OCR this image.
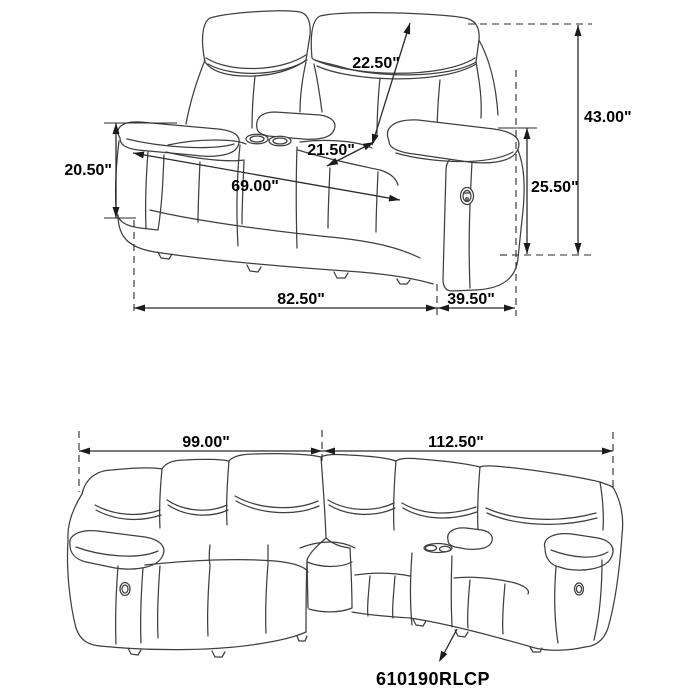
20.50"
22.50"
21.50"
69.00"
43.00"
25.50"
82.50"	39.50"
99.00"	112.50"
610190RLCP
